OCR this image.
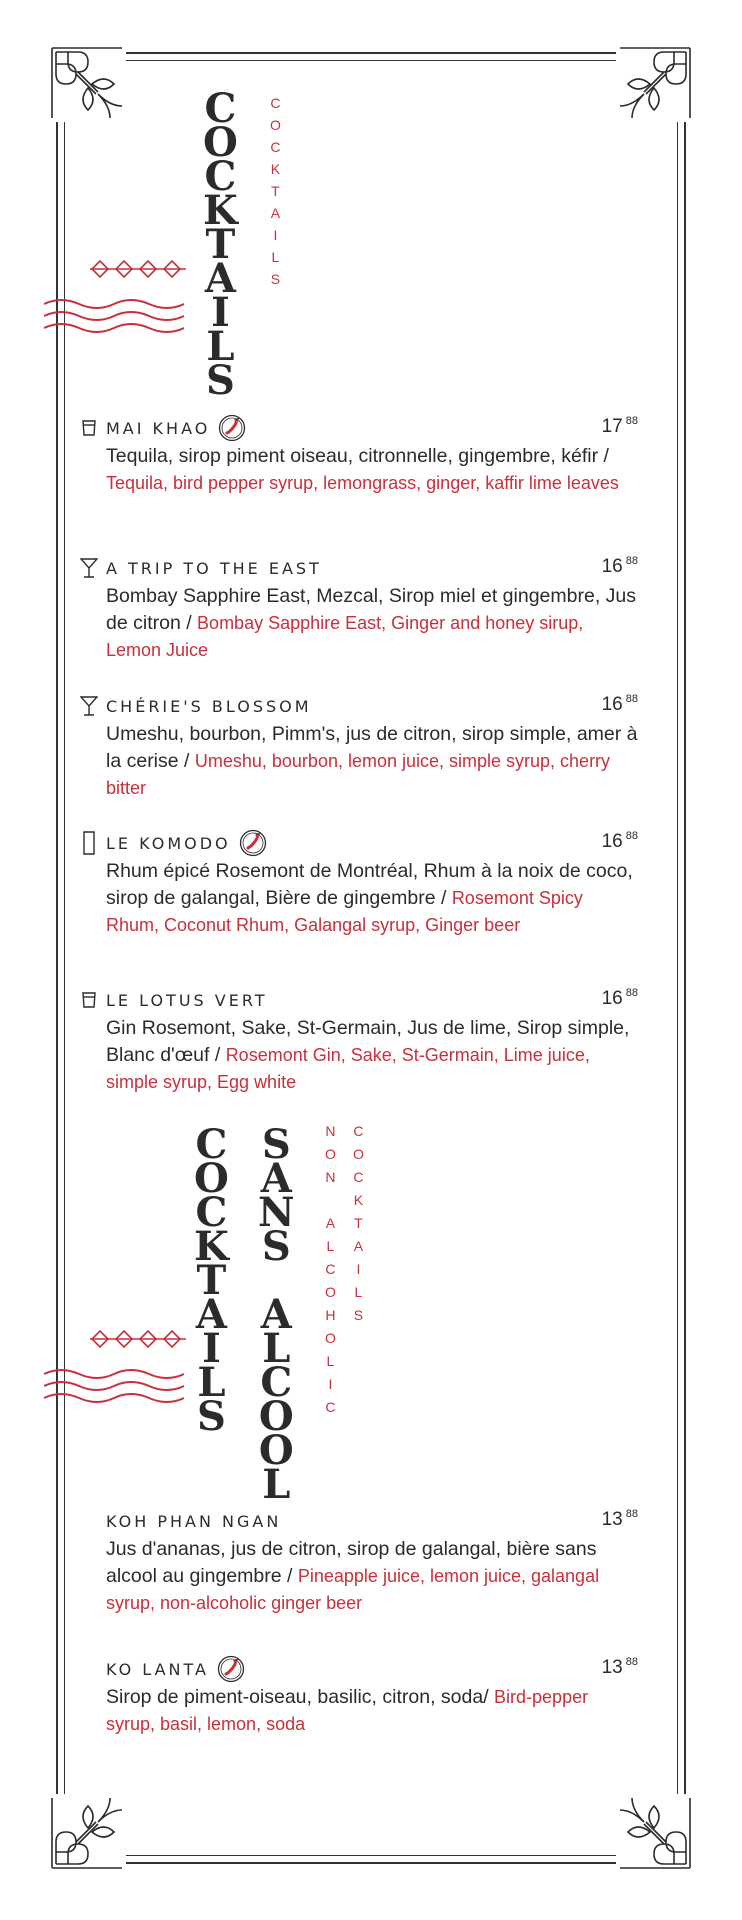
C
O
C
K
T
A
I
L
S
C
O
C
K
T
A
I
L
S
MAI KHAO	17 $^{88}$
Tequila, sirop piment oiseau, citronnelle, gingembre, kéfir / Tequila, bird pepper syrup, lemongrass, ginger, kaffir lime leaves
A TRIP TO THE EAST	16 $^{88}$
Bombay Sapphire East, Mezcal, Sirop miel et gingembre, Jus de citron / Bombay Sapphire East, Ginger and honey sirup, Lemon Juice
CHÉRIE'S BLOSSOM	16 $^{88}$
Umeshu, bourbon, Pimm's, jus de citron, sirop simple, amer à la cerise / Umeshu, bourbon, lemon juice, simple syrup, cherry bitter
LE KOMODO	16 $^{88}$
Rhum épicé Rosemont de Montréal, Rhum à la noix de coco, sirop de galangal, Bière de gingembre / Rosemont Spicy Rhum, Coconut Rhum, Galangal syrup, Ginger beer
LE LOTUS VERT	16 $^{88}$
Gin Rosemont, Sake, St-Germain, Jus de lime, Sirop simple, Blanc d'œuf / Rosemont Gin, Sake, St-Germain, Lime juice, simple syrup, Egg white
C
O
C
K
T
A
I
L
S
S
A
N
S

A
L
C
O
O
L
N
O
N

A
L
C
O
H
O
L
I
C
C
O
C
K
T
A
I
L
S
KOH PHAN NGAN	13 $^{88}$
Jus d'ananas, jus de citron, sirop de galangal, bière sans alcool au gingembre / Pineapple juice, lemon juice, galangal syrup, non-alcoholic ginger beer
KO LANTA	13 $^{88}$
Sirop de piment-oiseau, basilic, citron, soda/ Bird-pepper syrup, basil, lemon, soda
